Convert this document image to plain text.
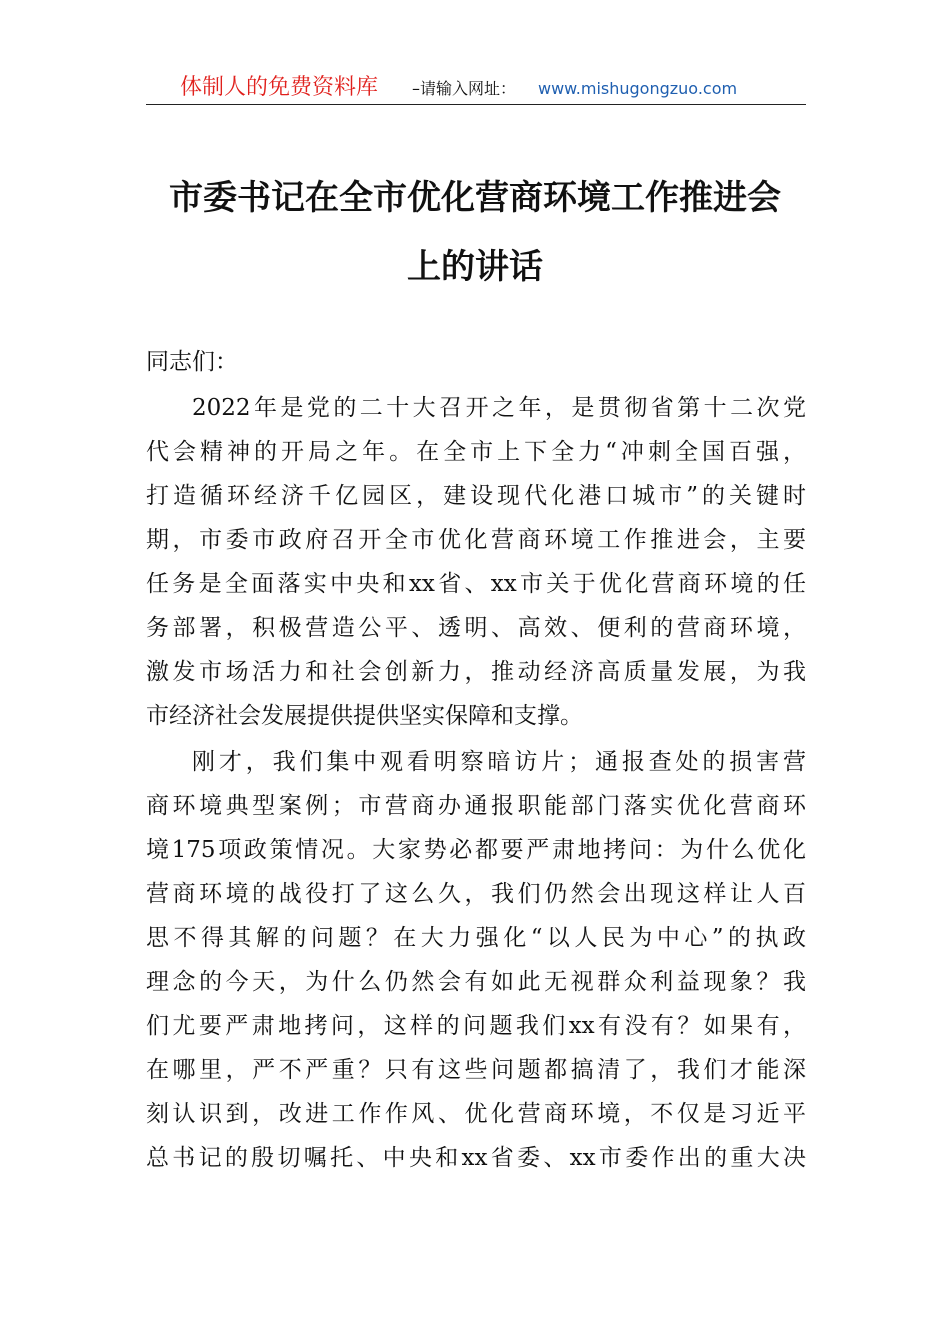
体制人的免费资料库 –请输入网址： www.mishugongzuo.com
市委书记在全市优化营商环境工作推进会
上的讲话
同志们：
2022年是党的二十大召开之年，是贯彻省第十二次党
代会精神的开局之年。在全市上下全力“冲刺全国百强，
打造循环经济千亿园区，建设现代化港口城市”的关键时
期，市委市政府召开全市优化营商环境工作推进会，主要
任务是全面落实中央和xx省、xx市关于优化营商环境的任
务部署，积极营造公平、透明、高效、便利的营商环境，
激发市场活力和社会创新力，推动经济高质量发展，为我
市经济社会发展提供提供坚实保障和支撑。
刚才，我们集中观看明察暗访片；通报查处的损害营
商环境典型案例；市营商办通报职能部门落实优化营商环
境175项政策情况。大家势必都要严肃地拷问：为什么优化
营商环境的战役打了这么久，我们仍然会出现这样让人百
思不得其解的问题？在大力强化“以人民为中心”的执政
理念的今天，为什么仍然会有如此无视群众利益现象？我
们尤要严肃地拷问，这样的问题我们xx有没有？如果有，
在哪里，严不严重？只有这些问题都搞清了，我们才能深
刻认识到，改进工作作风、优化营商环境，不仅是习近平
总书记的殷切嘱托、中央和xx省委、xx市委作出的重大决
